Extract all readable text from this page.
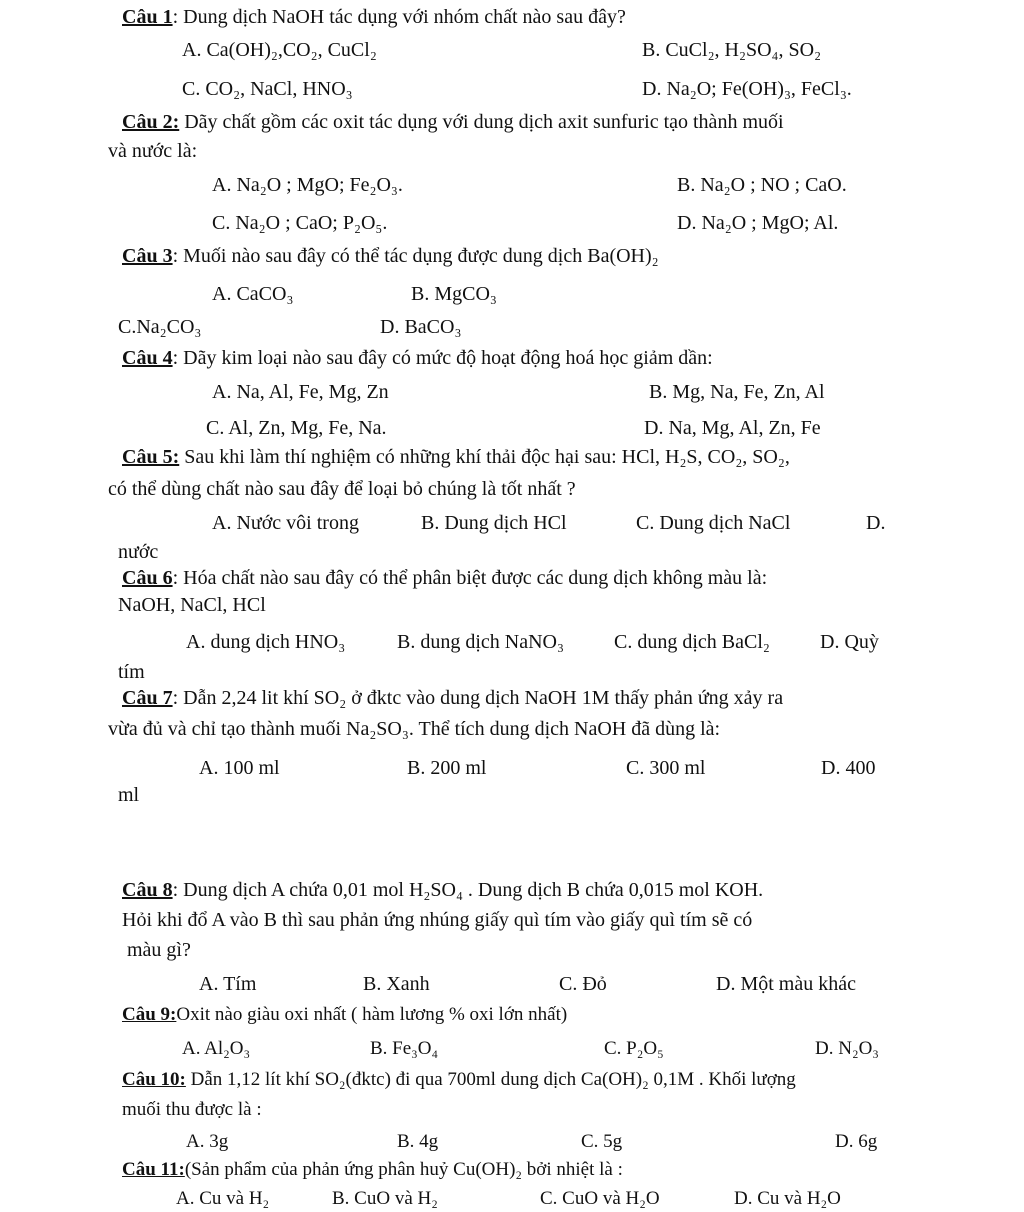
Câu 1: Dung dịch NaOH tác dụng với nhóm chất nào sau đây?
A. Ca(OH)₂,CO₂, CuCl₂	B. CuCl₂, H₂SO₄, SO₂
C. CO₂, NaCl, HNO₃	D. Na₂O; Fe(OH)₃, FeCl₃.
Câu 2: Dãy chất gồm các oxit tác dụng với dung dịch axit sunfuric tạo thành muối
và nước là:
A. Na₂O ; MgO; Fe₂O₃.	B. Na₂O ; NO ; CaO.
C. Na₂O ; CaO; P₂O₅.	D. Na₂O ; MgO; Al.
Câu 3: Muối nào sau đây có thể tác dụng được dung dịch Ba(OH)₂
A. CaCO₃	B. MgCO₃
C.Na₂CO₃	D. BaCO₃
Câu 4: Dãy kim loại nào sau đây có mức độ hoạt động hoá học giảm dần:
A. Na, Al, Fe, Mg, Zn	B. Mg, Na, Fe, Zn, Al
C. Al, Zn, Mg, Fe, Na.	D. Na, Mg, Al, Zn, Fe
Câu 5: Sau khi làm thí nghiệm có những khí thải độc hại sau: HCl, H₂S, CO₂, SO₂,
có thể dùng chất nào sau đây để loại bỏ chúng là tốt nhất ?
A. Nước vôi trong	B. Dung dịch HCl	C. Dung dịch NaCl	D.
nước
Câu 6: Hóa chất nào sau đây có thể phân biệt được các dung dịch không màu là:
NaOH, NaCl, HCl
A. dung dịch HNO₃	B. dung dịch NaNO₃	C. dung dịch BaCl₂	D. Quỳ
tím
Câu 7: Dẫn 2,24 lit khí SO₂ ở đktc vào dung dịch NaOH 1M thấy phản ứng xảy ra
vừa đủ và chỉ tạo thành muối Na₂SO₃. Thể tích dung dịch NaOH đã dùng là:
A. 100 ml	B. 200 ml	C. 300 ml	D. 400
ml
Câu 8: Dung dịch A chứa 0,01 mol H₂SO₄ . Dung dịch B chứa 0,015 mol KOH.
Hỏi khi đổ A vào B thì sau phản ứng nhúng giấy quì tím vào giấy quì tím sẽ có
màu gì?
A. Tím	B. Xanh	C. Đỏ	D. Một màu khác
Câu 9:Oxit nào giàu oxi nhất ( hàm lương % oxi lớn nhất)
A. Al₂O₃	B. Fe₃O₄	C. P₂O₅	D. N₂O₃
Câu 10: Dẫn 1,12 lít khí SO₂(đktc) đi qua 700ml dung dịch Ca(OH)₂ 0,1M . Khối lượng
muối thu được là :
A. 3g	B. 4g	C. 5g	D. 6g
Câu 11:(Sản phẩm của phản ứng phân huỷ Cu(OH)₂ bởi nhiệt là :
A. Cu và H₂	B. CuO và H₂	C. CuO và H₂O	D. Cu và H₂O
